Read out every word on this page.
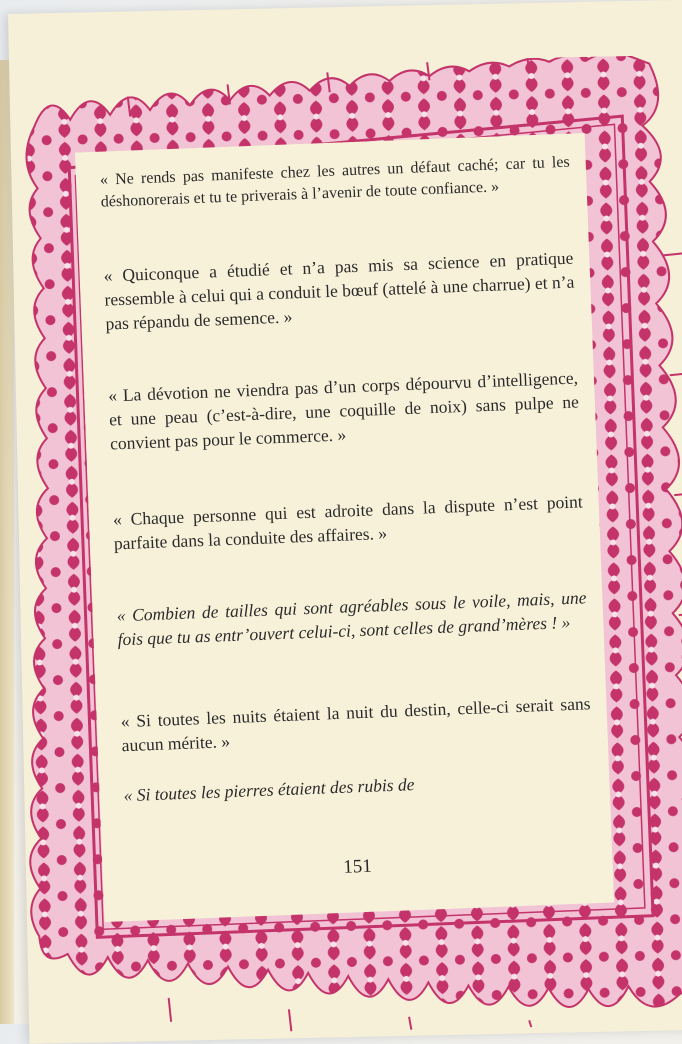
« Ne rends pas manifeste chez les autres un défaut caché; car tu les déshonorerais et tu te priverais à l’avenir de toute confiance. »
« Quiconque a étudié et n’a pas mis sa science en pratique ressemble à celui qui a conduit le bœuf (attelé à une charrue) et n’a pas répandu de semence. »
« La dévotion ne viendra pas d’un corps dépourvu d’intelligence, et une peau (c’est-à-dire, une coquille de noix) sans pulpe ne convient pas pour le commerce. »
« Chaque personne qui est adroite dans la dispute n’est point parfaite dans la conduite des affaires. »
« Combien de tailles qui sont agréables sous le voile, mais, une fois que tu as entr’ouvert celui-ci, sont celles de grand’mères ! »
« Si toutes les nuits étaient la nuit du destin, celle-ci serait sans aucun mérite. »
« Si toutes les pierres étaient des rubis de
151
